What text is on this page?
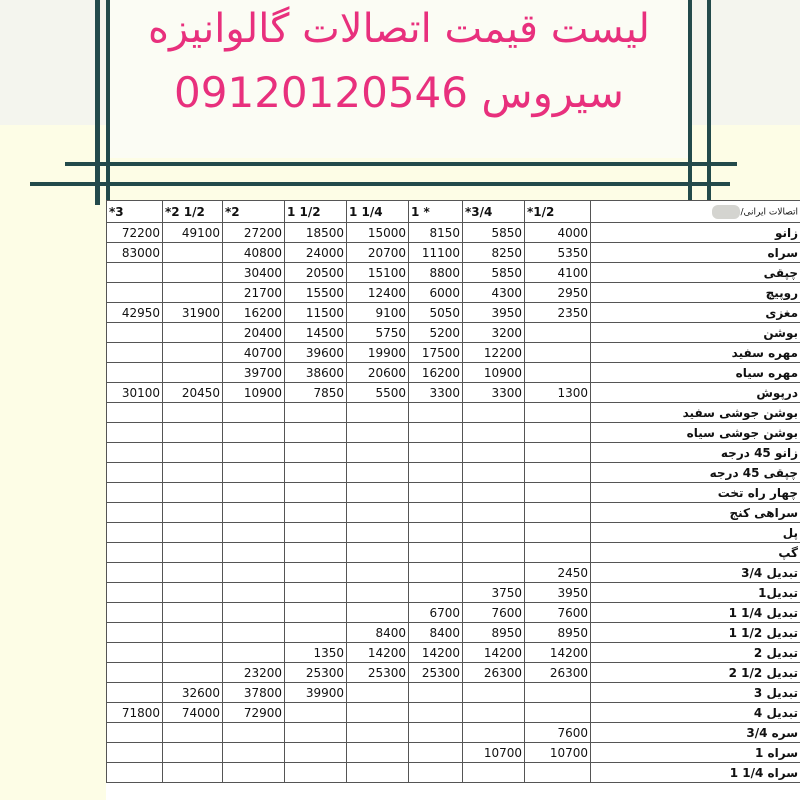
لیست قیمت اتصالات گالوانیزه
09120120546 سیروس
*3	*2 1/2	*2	1 1/2	1 1/4	1 *	*3/4	*1/2	اتصالات ایرانی/
72200	49100	27200	18500	15000	8150	5850	4000	زانو
83000		40800	24000	20700	11100	8250	5350	سراه
		30400	20500	15100	8800	5850	4100	چپقی
		21700	15500	12400	6000	4300	2950	روپیچ
42950	31900	16200	11500	9100	5050	3950	2350	مغزی
		20400	14500	5750	5200	3200		بوشن
		40700	39600	19900	17500	12200		مهره سفید
		39700	38600	20600	16200	10900		مهره سیاه
30100	20450	10900	7850	5500	3300	3300	1300	درپوش
								بوشن جوشی سفید
								بوشن جوشی سیاه
								زانو 45 درجه
								چپقی 45 درجه
								چهار راه تخت
								سراهی کنج
								پل
								گپ
							2450	تبدیل 3/4
						3750	3950	تبدیل1
					6700	7600	7600	تبدیل 1/4 1
				8400	8400	8950	8950	تبدیل 1/2 1
			1350	14200	14200	14200	14200	تبدیل 2
		23200	25300	25300	25300	26300	26300	تبدیل 1/2 2
	32600	37800	39900					تبدیل 3
71800	74000	72900						تبدیل 4
							7600	سره 3/4
						10700	10700	سراه 1
								سراه 1/4 1
